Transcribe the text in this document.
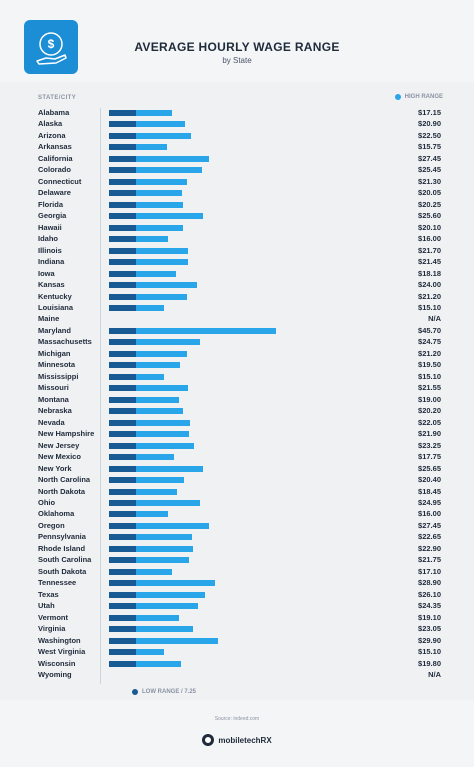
$	AVERAGE HOURLY WAGE RANGE
by State
STATE/CITY	HIGH RANGE
Alabama	$17.15
Alaska	$20.90
Arizona	$22.50
Arkansas	$15.75
California	$27.45
Colorado	$25.45
Connecticut	$21.30
Delaware	$20.05
Florida	$20.25
Georgia	$25.60
Hawaii	$20.10
Idaho	$16.00
Illinois	$21.70
Indiana	$21.45
Iowa	$18.18
Kansas	$24.00
Kentucky	$21.20
Louisiana	$15.10
Maine	N/A
Maryland	$45.70
Massachusetts	$24.75
Michigan	$21.20
Minnesota	$19.50
Mississippi	$15.10
Missouri	$21.55
Montana	$19.00
Nebraska	$20.20
Nevada	$22.05
New Hampshire	$21.90
New Jersey	$23.25
New Mexico	$17.75
New York	$25.65
North Carolina	$20.40
North Dakota	$18.45
Ohio	$24.95
Oklahoma	$16.00
Oregon	$27.45
Pennsylvania	$22.65
Rhode Island	$22.90
South Carolina	$21.75
South Dakota	$17.10
Tennessee	$28.90
Texas	$26.10
Utah	$24.35
Vermont	$19.10
Virginia	$23.05
Washington	$29.90
West Virginia	$15.10
Wisconsin	$19.80
Wyoming	N/A
LOW RANGE / 7.25
Source: indeed.com
mobiletechRX
